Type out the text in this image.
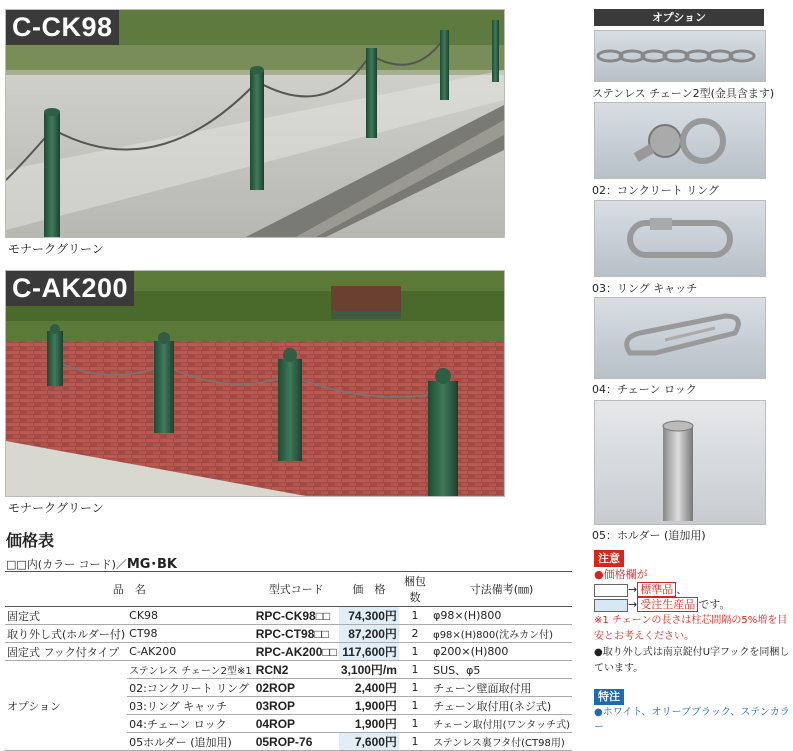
C-CK98
モナークグリーン
C-AK200
モナークグリーン
価格表
□□内(カラー コード)／MG･BK
品　名		型式コード	価　格	梱包数	寸法備考(㎜)
固定式	CK98	RPC-CK98□□	74,300円	1	φ98×(H)800
取り外し式(ホルダー付)	CT98	RPC-CT98□□	87,200円	2	φ98×(H)800(沈みカン付)
固定式 フック付タイプ	C-AK200	RPC-AK200□□	117,600円	1	φ200×(H)800
オプション	ステンレス チェーン2型※1	RCN2	3,100円/m	1	SUS、φ5
	02:コンクリート リング	02ROP	2,400円	1	チェーン壁面取付用
	03:リング キャッチ	03ROP	1,900円	1	チェーン取付用(ネジ式)
	04:チェーン ロック	04ROP	1,900円	1	チェーン取付用(ワンタッチ式)
	05ホルダー (追加用)	05ROP-76	7,600円	1	ステンレス裏フタ付(CT98用)
オプション
ステンレス チェーン2型(金具含ます)
02：コンクリート リング
03：リング キャッチ
04：チェーン ロック
05：ホルダー (追加用)
注意
●価格欄が
→ 標準品 、
→ 受注生産品 です。
※1 チェーンの長さは柱芯間隔の5%増を目安とお考えください。
●取り外し式は南京錠付U字フックを同梱しています。
特注
●ホワイト、オリーブブラック、ステンカラー
